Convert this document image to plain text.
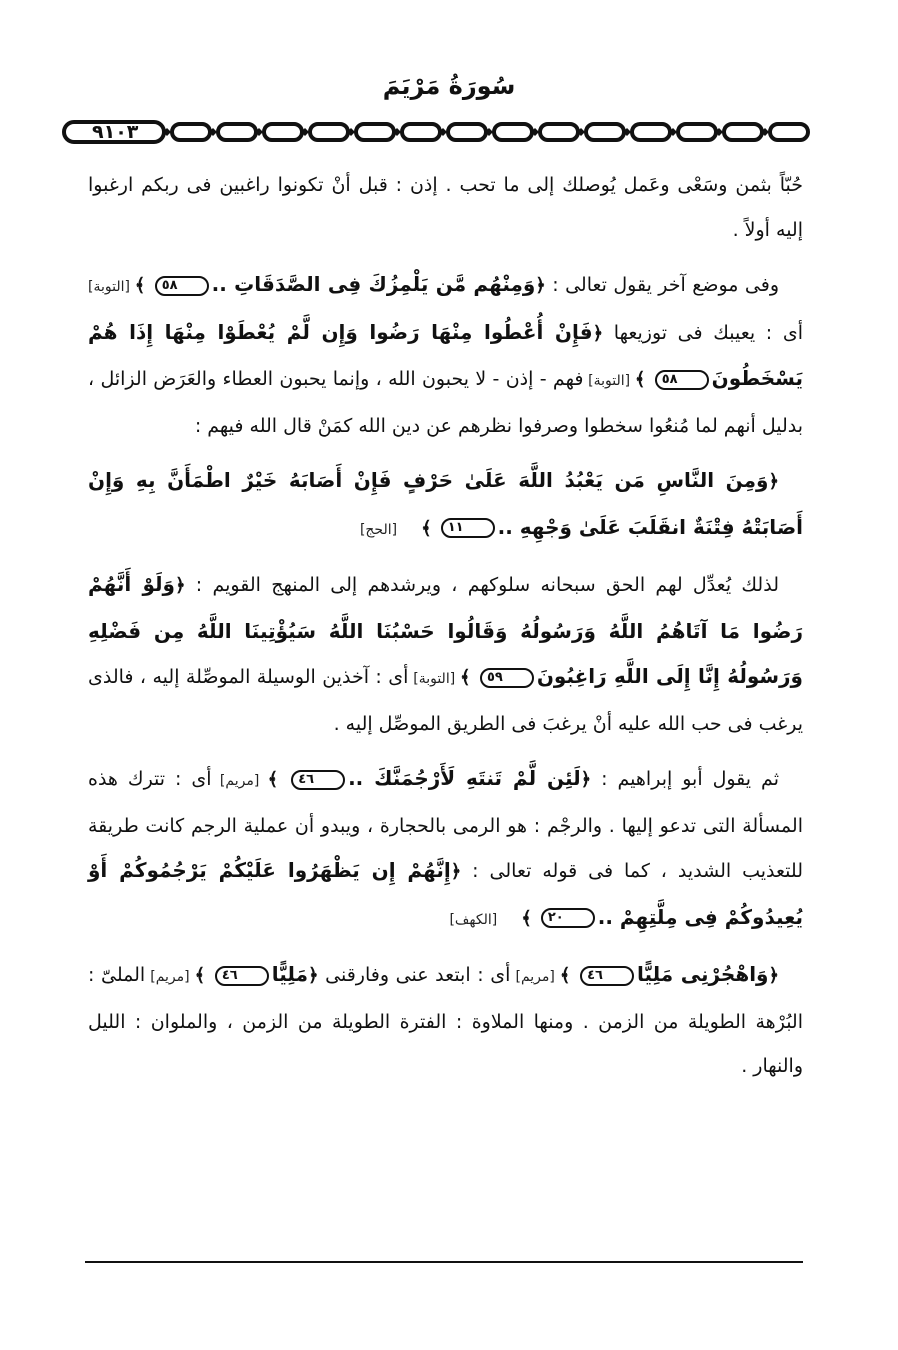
سُورَةُ مَرْيَمَ
٩١٠٣

حُبّاً بثمن وسَعْى وعَمل يُوصلك إلى ما تحب . إذن : قبل أنْ تكونوا راغبين فى ربكم ارغبوا إليه أولاً .

وفى موضع آخر يقول تعالى : ﴿وَمِنْهُم مَّن يَلْمِزُكَ فِى الصَّدَقَاتِ ..٥٨ ﴾ [التوبة] أى : يعيبك فى توزيعها ﴿فَإِنْ أُعْطُوا مِنْهَا رَضُوا وَإِن لَّمْ يُعْطَوْا مِنْهَا إِذَا هُمْ يَسْخَطُونَ٥٨ ﴾ [التوبة] فهم - إذن - لا يحبون الله ، وإنما يحبون العطاء والعَرَض الزائل ، بدليل أنهم لما مُنعُوا سخطوا وصرفوا نظرهم عن دين الله كمَنْ قال الله فيهم :

﴿وَمِنَ النَّاسِ مَن يَعْبُدُ اللَّهَ عَلَىٰ حَرْفٍ فَإِنْ أَصَابَهُ خَيْرٌ اطْمَأَنَّ بِهِ وَإِنْ أَصَابَتْهُ فِتْنَةٌ انقَلَبَ عَلَىٰ وَجْهِهِ ..١١ ﴾ [الحج]

لذلك يُعدِّل لهم الحق سبحانه سلوكهم ، ويرشدهم إلى المنهج القويم : ﴿وَلَوْ أَنَّهُمْ رَضُوا مَا آتَاهُمُ اللَّهُ وَرَسُولُهُ وَقَالُوا حَسْبُنَا اللَّهُ سَيُؤْتِينَا اللَّهُ مِن فَضْلِهِ وَرَسُولُهُ إِنَّا إِلَى اللَّهِ رَاغِبُونَ٥٩ ﴾ [التوبة] أى : آخذين الوسيلة الموصِّلة إليه ، فالذى يرغب فى حب الله عليه أنْ يرغبَ فى الطريق الموصِّل إليه .

ثم يقول أبو إبراهيم : ﴿لَئِن لَّمْ تَنتَهِ لَأَرْجُمَنَّكَ ..٤٦ ﴾ [مريم] أى : تترك هذه المسألة التى تدعو إليها . والرجْم : هو الرمى بالحجارة ، ويبدو أن عملية الرجم كانت طريقة للتعذيب الشديد ، كما فى قوله تعالى : ﴿إِنَّهُمْ إِن يَظْهَرُوا عَلَيْكُمْ يَرْجُمُوكُمْ أَوْ يُعِيدُوكُمْ فِى مِلَّتِهِمْ ..٢٠ ﴾ [الكهف]

﴿وَاهْجُرْنِى مَلِيًّا٤٦ ﴾ [مريم] أى : ابتعد عنى وفارقنى ﴿مَلِيًّا٤٦ ﴾ [مريم] الملىّ : البُرْهة الطويلة من الزمن . ومنها الملاوة : الفترة الطويلة من الزمن ، والملوان : الليل والنهار .
